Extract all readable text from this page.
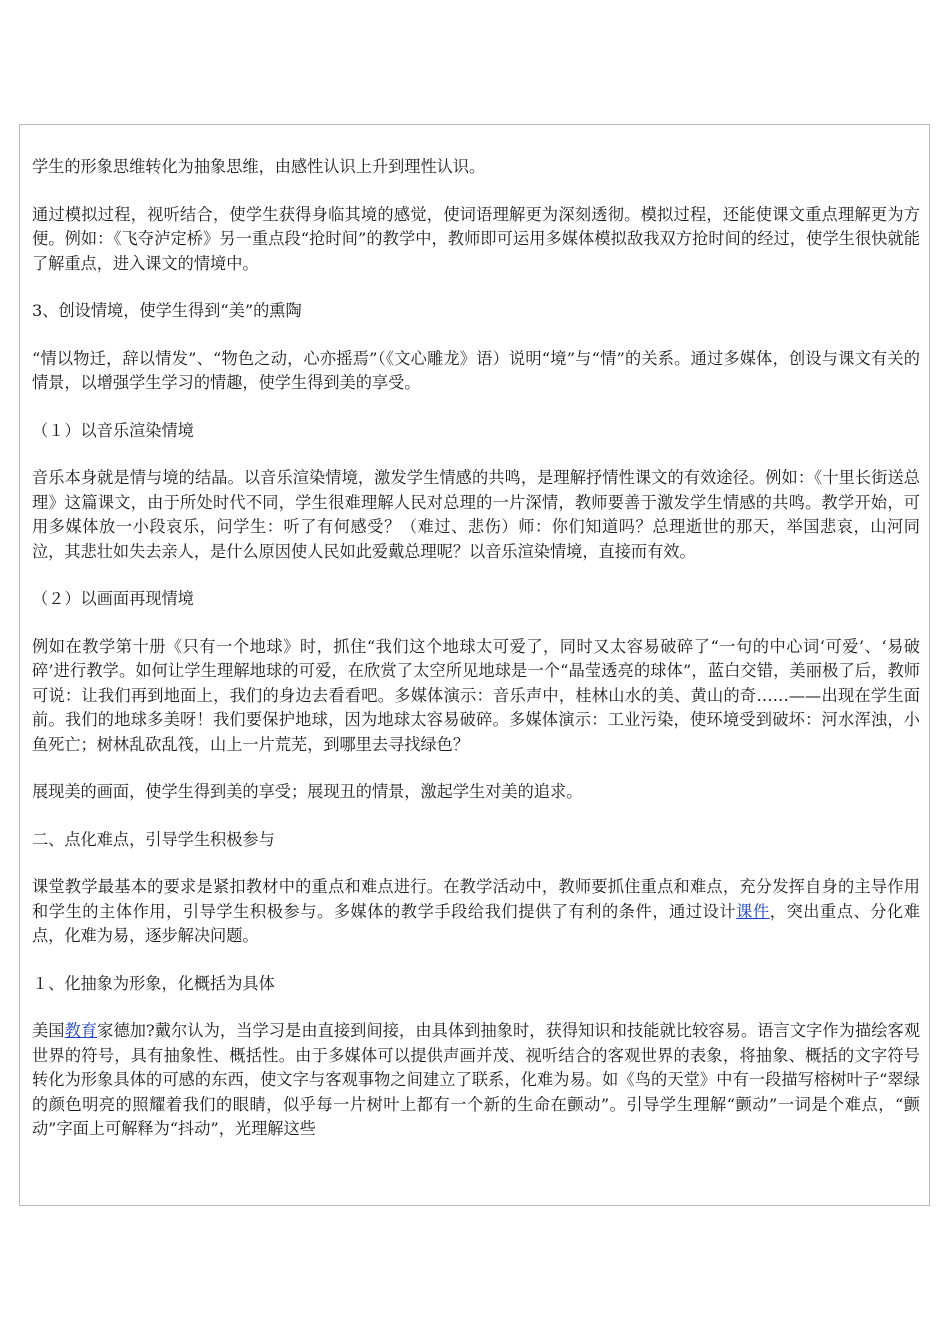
学生的形象思维转化为抽象思维，由感性认识上升到理性认识。

通过模拟过程，视听结合，使学生获得身临其境的感觉，使词语理解更为深刻透彻。模拟过程，还能使课文重点理解更为方便。例如：《飞夺泸定桥》另一重点段“抢时间”的教学中，教师即可运用多媒体模拟敌我双方抢时间的经过，使学生很快就能了解重点，进入课文的情境中。

3、创设情境，使学生得到“美”的熏陶

“情以物迁，辞以情发”、“物色之动，心亦摇焉”（《文心雕龙》语）说明“境”与“情”的关系。通过多媒体，创设与课文有关的情景，以增强学生学习的情趣，使学生得到美的享受。

（１）以音乐渲染情境

音乐本身就是情与境的结晶。以音乐渲染情境，激发学生情感的共鸣，是理解抒情性课文的有效途径。例如：《十里长街送总理》这篇课文，由于所处时代不同，学生很难理解人民对总理的一片深情，教师要善于激发学生情感的共鸣。教学开始，可用多媒体放一小段哀乐，问学生：听了有何感受？（难过、悲伤）师：你们知道吗？总理逝世的那天，举国悲哀，山河同泣，其悲壮如失去亲人，是什么原因使人民如此爱戴总理呢？以音乐渲染情境，直接而有效。

（２）以画面再现情境

例如在教学第十册《只有一个地球》时，抓住“我们这个地球太可爱了，同时又太容易破碎了“一句的中心词‘可爱’、‘易破碎’进行教学。如何让学生理解地球的可爱，在欣赏了太空所见地球是一个“晶莹透亮的球体”，蓝白交错，美丽极了后，教师可说：让我们再到地面上，我们的身边去看看吧。多媒体演示：音乐声中，桂林山水的美、黄山的奇……——出现在学生面前。我们的地球多美呀！我们要保护地球，因为地球太容易破碎。多媒体演示：工业污染，使环境受到破坏：河水浑浊，小鱼死亡；树林乱砍乱筏，山上一片荒芜，到哪里去寻找绿色？

展现美的画面，使学生得到美的享受；展现丑的情景，激起学生对美的追求。

二、点化难点，引导学生积极参与

课堂教学最基本的要求是紧扣教材中的重点和难点进行。在教学活动中，教师要抓住重点和难点，充分发挥自身的主导作用和学生的主体作用，引导学生积极参与。多媒体的教学手段给我们提供了有利的条件，通过设计课件，突出重点、分化难点，化难为易，逐步解决问题。

１、化抽象为形象，化概括为具体

美国教育家德加?戴尔认为，当学习是由直接到间接，由具体到抽象时，获得知识和技能就比较容易。语言文字作为描绘客观世界的符号，具有抽象性、概括性。由于多媒体可以提供声画并茂、视听结合的客观世界的表象，将抽象、概括的文字符号转化为形象具体的可感的东西，使文字与客观事物之间建立了联系，化难为易。如《鸟的天堂》中有一段描写榕树叶子“翠绿的颜色明亮的照耀着我们的眼睛，似乎每一片树叶上都有一个新的生命在颤动”。引导学生理解“颤动”一词是个难点，“颤动”字面上可解释为“抖动”，光理解这些
